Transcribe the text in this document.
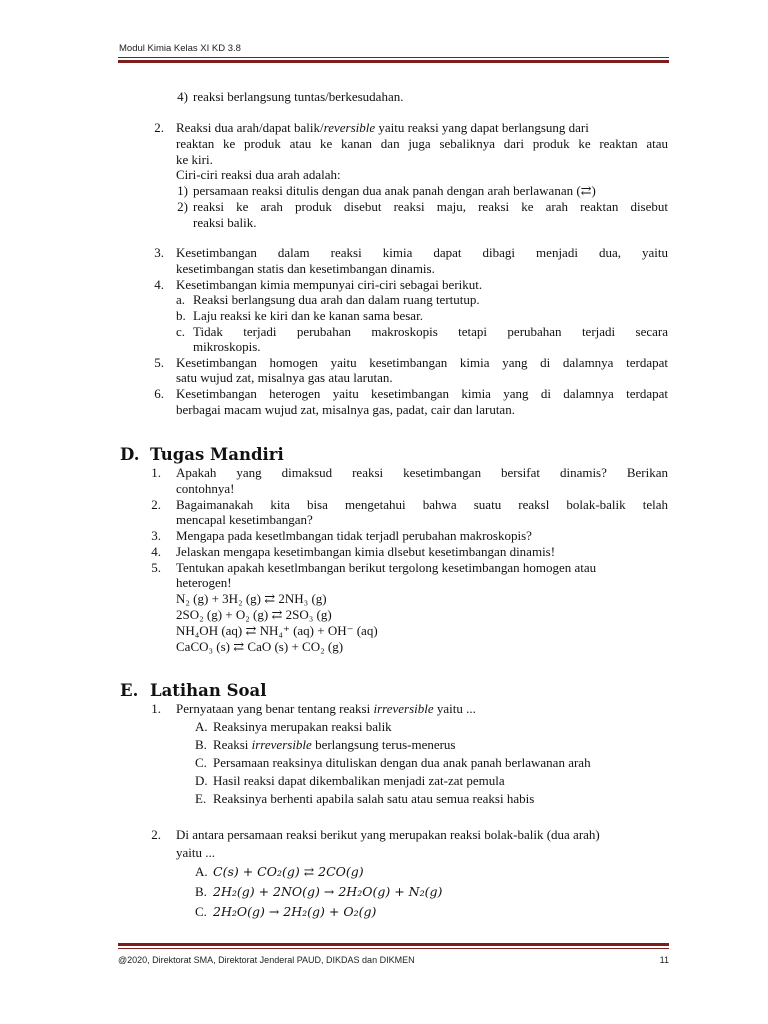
Modul Kimia Kelas XI KD 3.8
4) reaksi berlangsung tuntas/berkesudahan.
2. Reaksi dua arah/dapat balik/reversible yaitu reaksi yang dapat berlangsung dari
reaktan ke produk atau ke kanan dan juga sebaliknya dari produk ke reaktan atau
ke kiri.
Ciri-ciri reaksi dua arah adalah:
1) persamaan reaksi ditulis dengan dua anak panah dengan arah berlawanan (⇄)
2) reaksi ke arah produk disebut reaksi maju, reaksi ke arah reaktan disebut
reaksi balik.
3. Kesetimbangan dalam reaksi kimia dapat dibagi menjadi dua, yaitu
kesetimbangan statis dan kesetimbangan dinamis.
4. Kesetimbangan kimia mempunyai ciri-ciri sebagai berikut.
a. Reaksi berlangsung dua arah dan dalam ruang tertutup.
b. Laju reaksi ke kiri dan ke kanan sama besar.
c. Tidak terjadi perubahan makroskopis tetapi perubahan terjadi secara
mikroskopis.
5. Kesetimbangan homogen yaitu kesetimbangan kimia yang di dalamnya terdapat
satu wujud zat, misalnya gas atau larutan.
6. Kesetimbangan heterogen yaitu kesetimbangan kimia yang di dalamnya terdapat
berbagai macam wujud zat, misalnya gas, padat, cair dan larutan.
D. Tugas Mandiri
1. Apakah yang dimaksud reaksi kesetimbangan bersifat dinamis? Berikan
contohnya!
2. Bagaimanakah kita bisa mengetahui bahwa suatu reaksl bolak-balik telah
mencapal kesetimbangan?
3. Mengapa pada kesetlmbangan tidak terjadl perubahan makroskopis?
4. Jelaskan mengapa kesetimbangan kimia dlsebut kesetimbangan dinamis!
5. Tentukan apakah kesetlmbangan berikut tergolong kesetimbangan homogen atau
heterogen!
N₂ (g) + 3H₂ (g) ⇄ 2NH₃ (g)
2SO₂ (g) + O₂ (g) ⇄ 2SO₃ (g)
NH₄OH (aq) ⇄ NH₄⁺ (aq) + OH⁻ (aq)
CaCO₃ (s) ⇄ CaO (s) + CO₂ (g)
E. Latihan Soal
1. Pernyataan yang benar tentang reaksi irreversible yaitu ...
A. Reaksinya merupakan reaksi balik
B. Reaksi irreversible berlangsung terus-menerus
C. Persamaan reaksinya dituliskan dengan dua anak panah berlawanan arah
D. Hasil reaksi dapat dikembalikan menjadi zat-zat pemula
E. Reaksinya berhenti apabila salah satu atau semua reaksi habis
2. Di antara persamaan reaksi berikut yang merupakan reaksi bolak-balik (dua arah)
yaitu ...
A. C(s) + CO₂(g) ⇄ 2CO(g)
B. 2H₂(g) + 2NO(g) → 2H₂O(g) + N₂(g)
C. 2H₂O(g) → 2H₂(g) + O₂(g)
@2020, Direktorat SMA, Direktorat Jenderal PAUD, DIKDAS dan DIKMEN	11
